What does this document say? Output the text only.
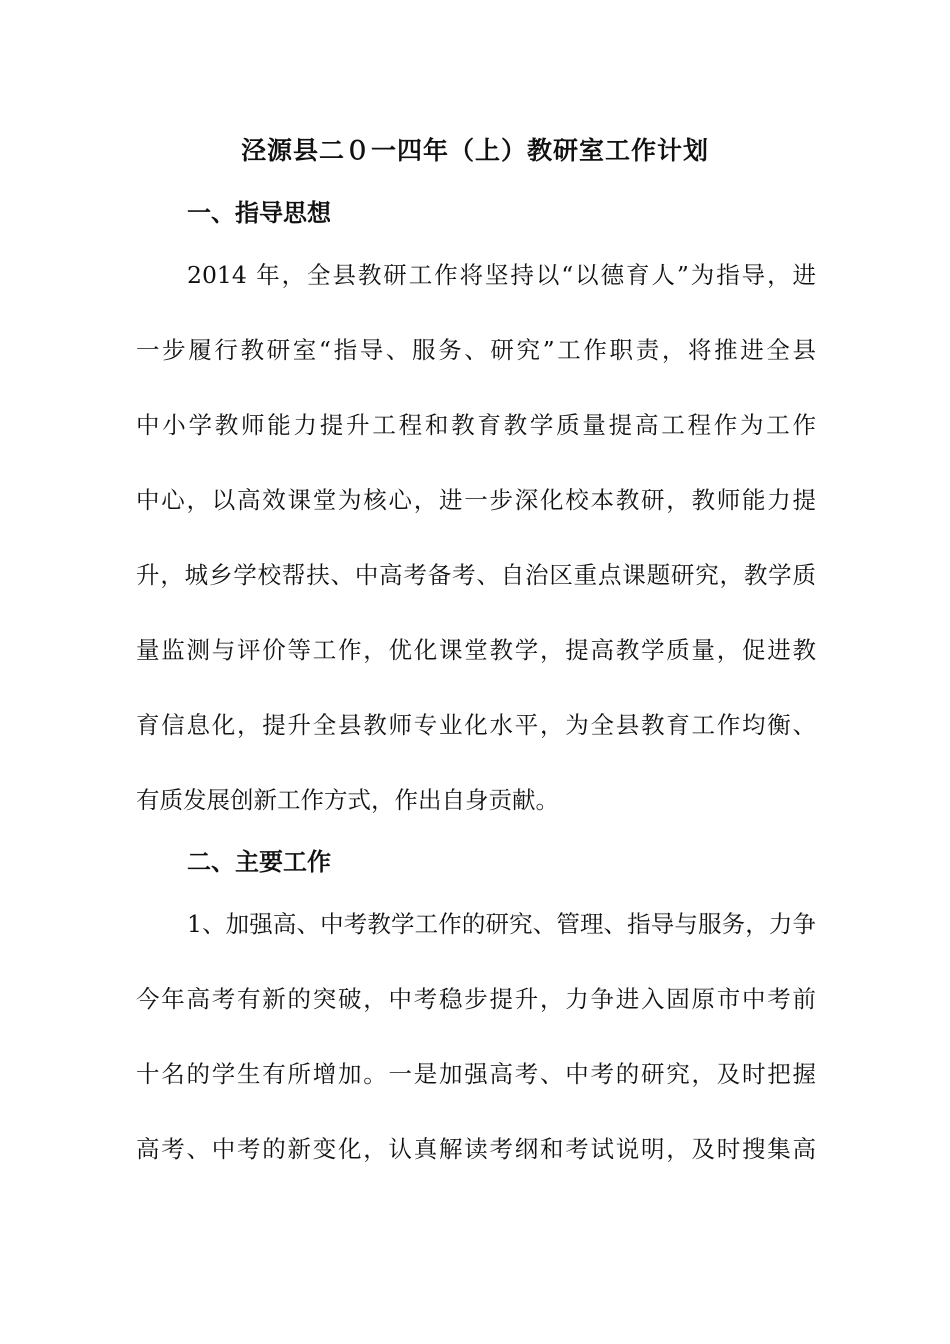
泾源县二０一四年（上）教研室工作计划
一、指导思想
2014 年，全县教研工作将坚持以“以德育人”为指导，进
一步履行教研室“指导、服务、研究”工作职责，将推进全县
中小学教师能力提升工程和教育教学质量提高工程作为工作
中心，以高效课堂为核心，进一步深化校本教研，教师能力提
升，城乡学校帮扶、中高考备考、自治区重点课题研究，教学质
量监测与评价等工作，优化课堂教学，提高教学质量，促进教
育信息化，提升全县教师专业化水平，为全县教育工作均衡、
有质发展创新工作方式，作出自身贡献。
二、主要工作
1、加强高、中考教学工作的研究、管理、指导与服务，力争
今年高考有新的突破，中考稳步提升，力争进入固原市中考前
十名的学生有所增加。一是加强高考、中考的研究，及时把握
高考、中考的新变化，认真解读考纲和考试说明，及时搜集高
